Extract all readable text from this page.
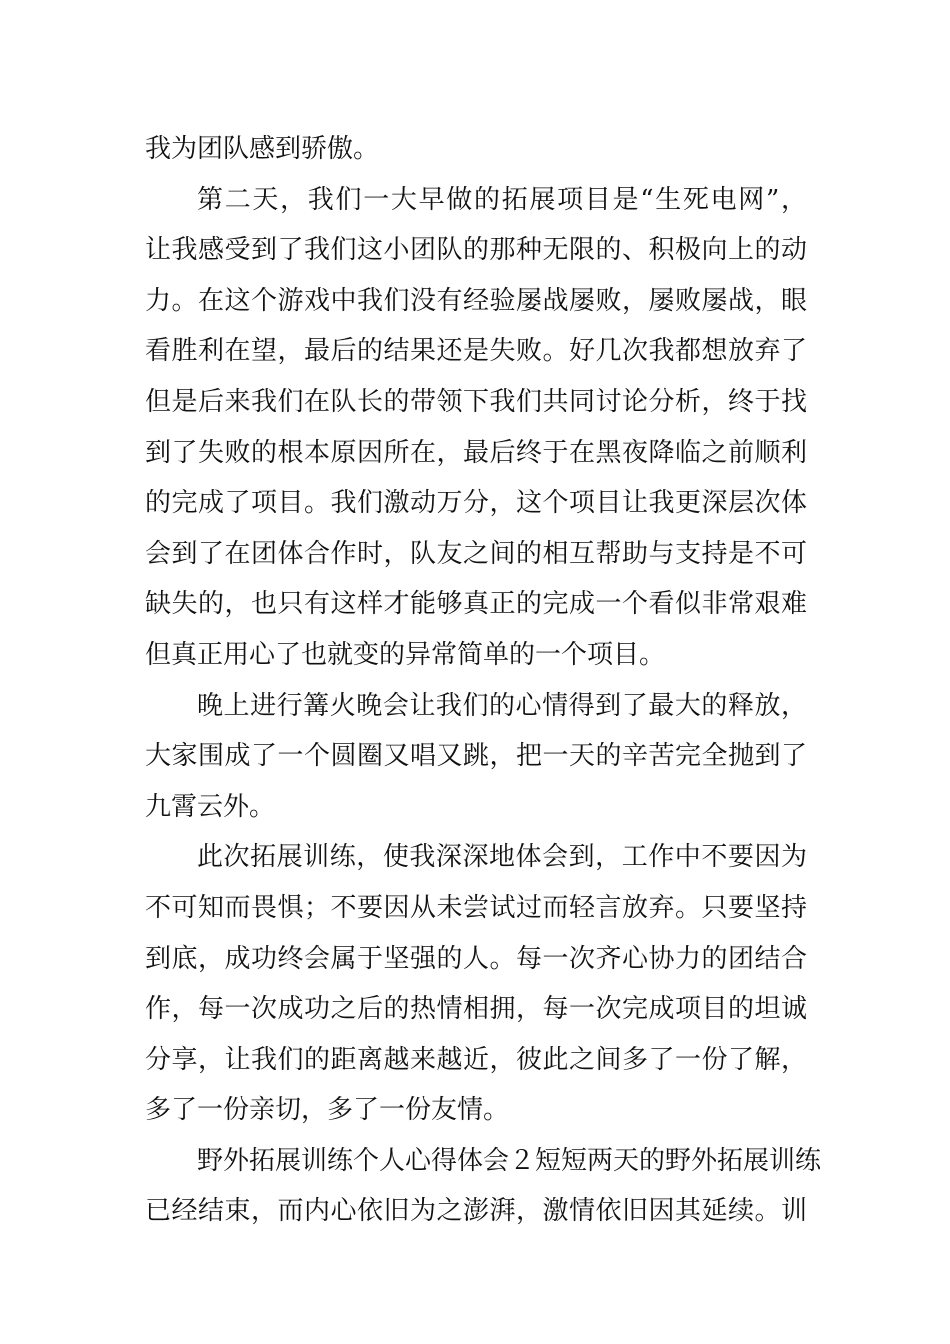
我为团队感到骄傲。
第二天，我们一大早做的拓展项目是“生死电网”，
让我感受到了我们这小团队的那种无限的、积极向上的动
力。在这个游戏中我们没有经验屡战屡败，屡败屡战，眼
看胜利在望，最后的结果还是失败。好几次我都想放弃了
但是后来我们在队长的带领下我们共同讨论分析，终于找
到了失败的根本原因所在，最后终于在黑夜降临之前顺利
的完成了项目。我们激动万分，这个项目让我更深层次体
会到了在团体合作时，队友之间的相互帮助与支持是不可
缺失的，也只有这样才能够真正的完成一个看似非常艰难
但真正用心了也就变的异常简单的一个项目。
晚上进行篝火晚会让我们的心情得到了最大的释放，
大家围成了一个圆圈又唱又跳，把一天的辛苦完全抛到了
九霄云外。
此次拓展训练，使我深深地体会到，工作中不要因为
不可知而畏惧；不要因从未尝试过而轻言放弃。只要坚持
到底，成功终会属于坚强的人。每一次齐心协力的团结合
作，每一次成功之后的热情相拥，每一次完成项目的坦诚
分享，让我们的距离越来越近，彼此之间多了一份了解，
多了一份亲切，多了一份友情。
野外拓展训练个人心得体会２短短两天的野外拓展训练
已经结束，而内心依旧为之澎湃，激情依旧因其延续。训
